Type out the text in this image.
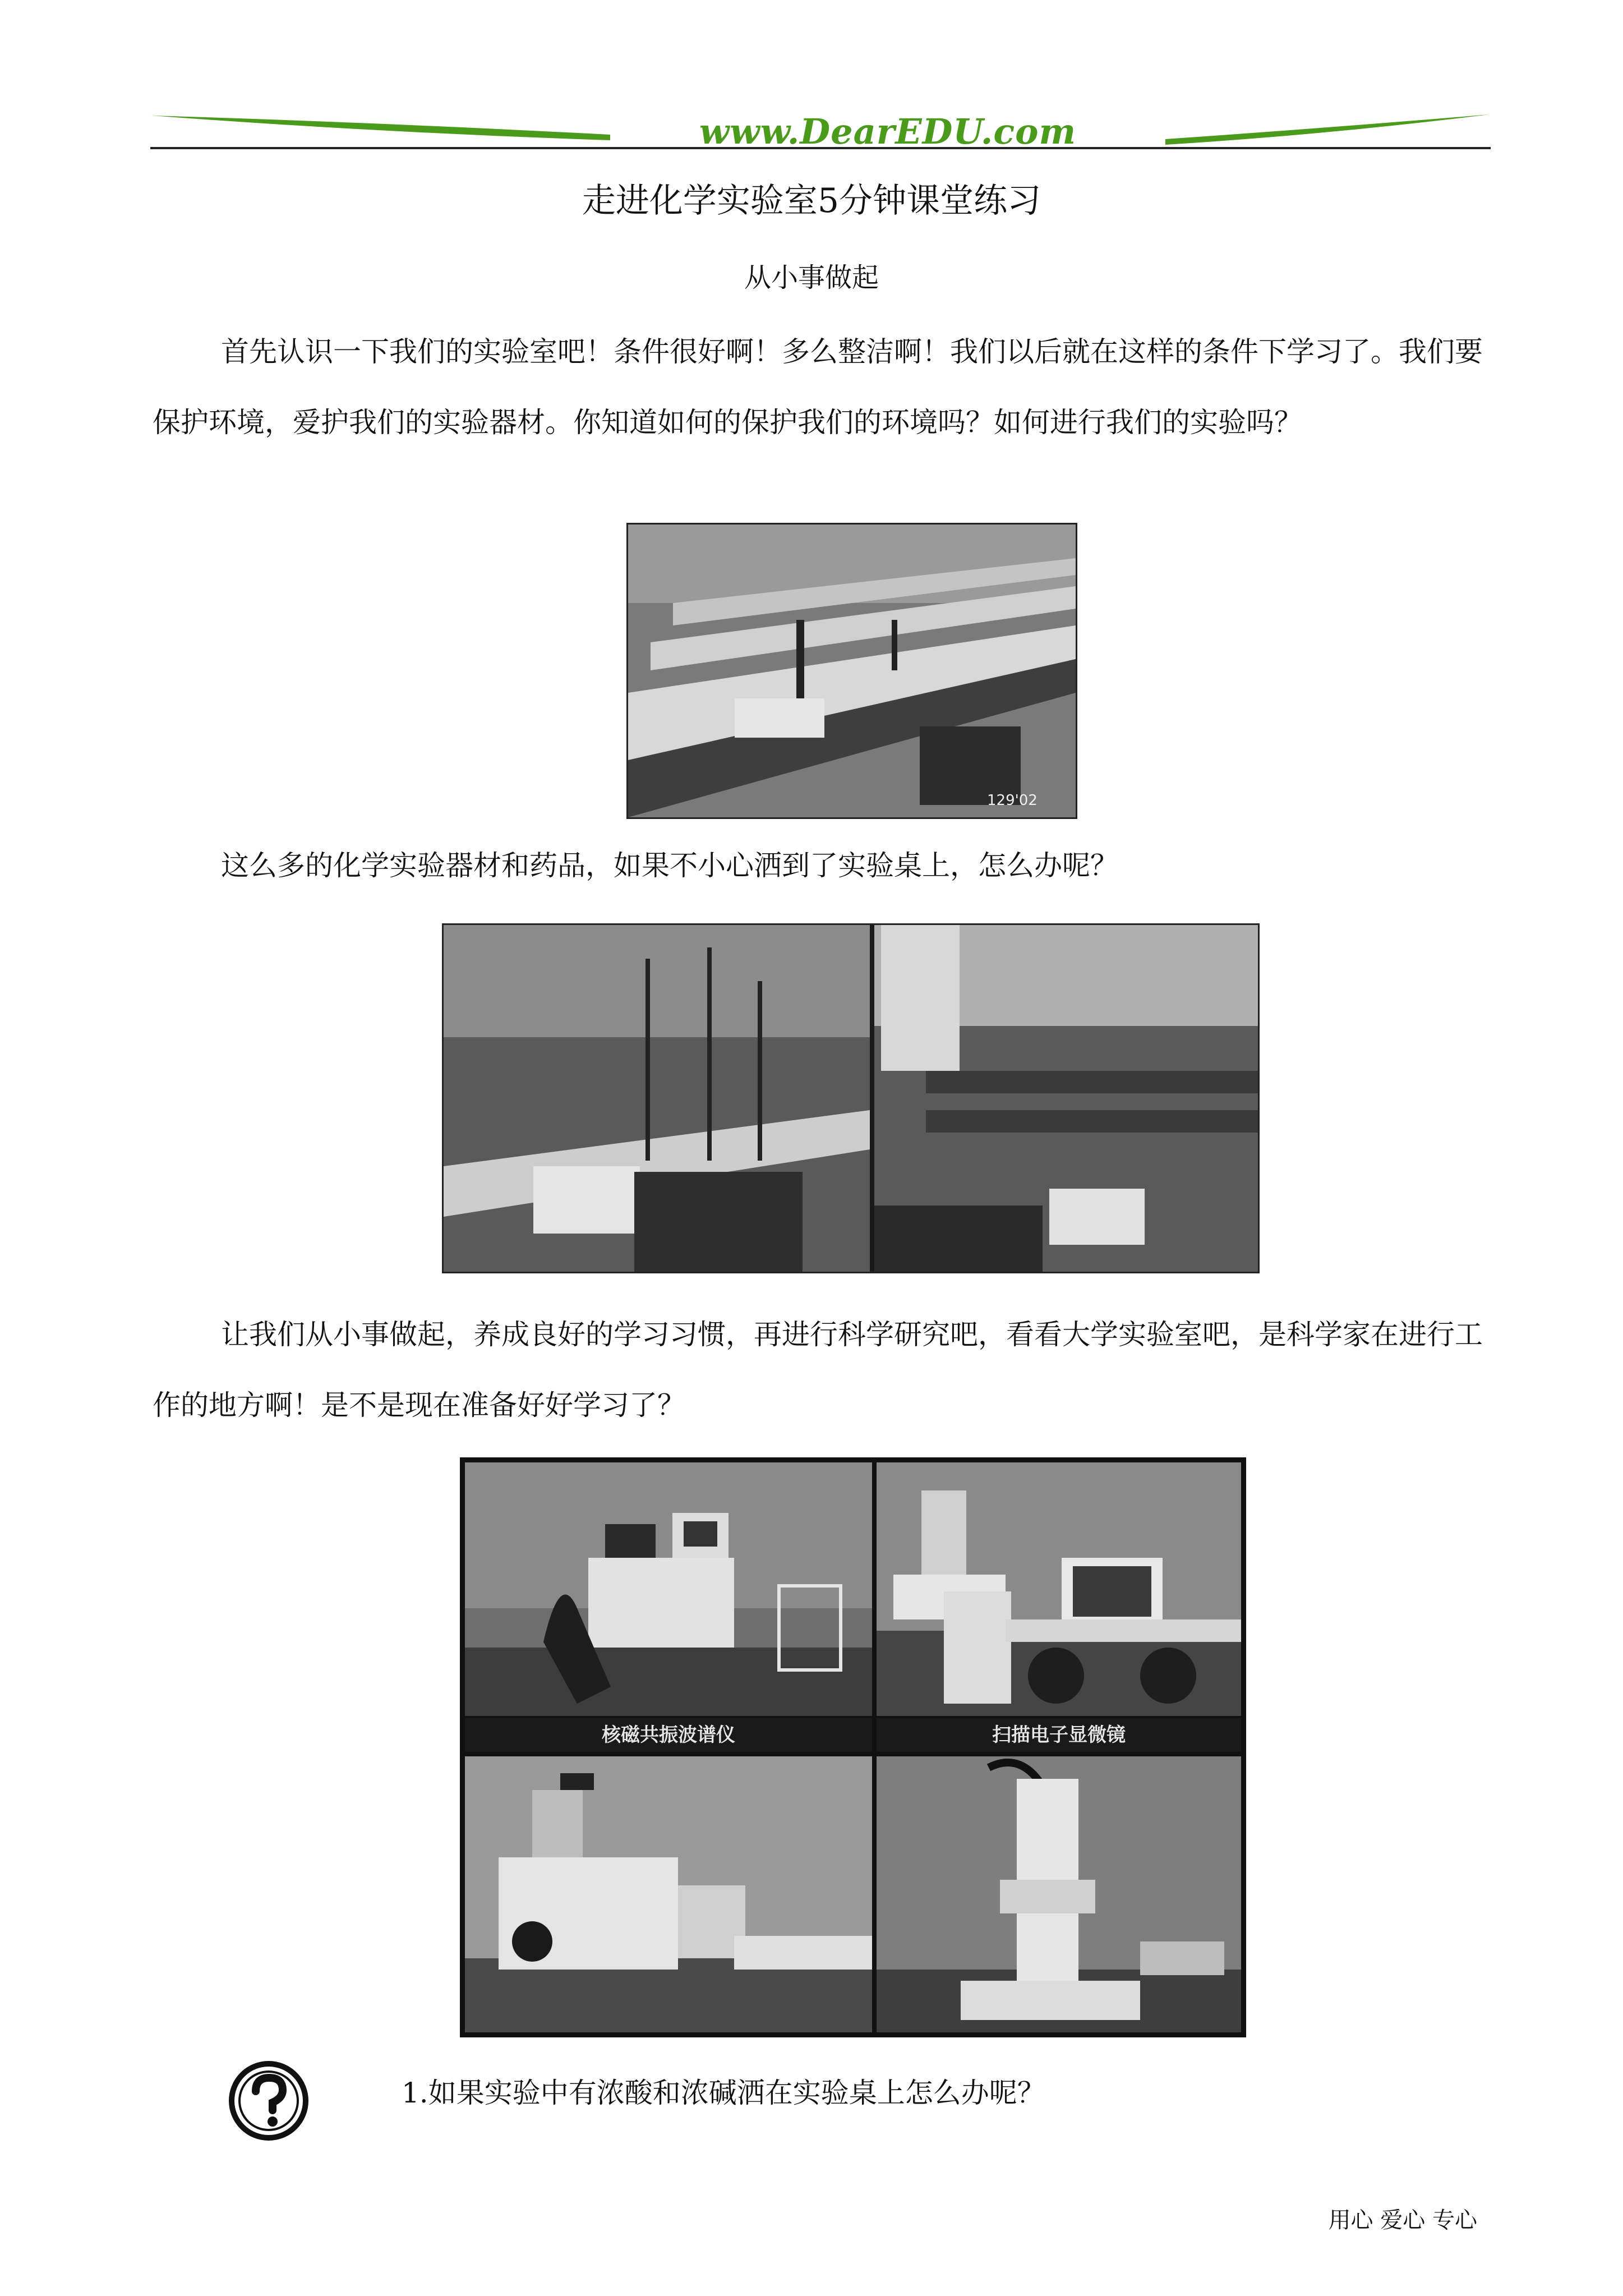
www.DearEDU.com
走进化学实验室5分钟课堂练习
从小事做起

首先认识一下我们的实验室吧！条件很好啊！多么整洁啊！我们以后就在这样的条件下学习了。我们要保护环境，爱护我们的实验器材。你知道如何的保护我们的环境吗？如何进行我们的实验吗？

129'02

这么多的化学实验器材和药品，如果不小心洒到了实验桌上，怎么办呢？

让我们从小事做起，养成良好的学习习惯，再进行科学研究吧，看看大学实验室吧，是科学家在进行工作的地方啊！是不是现在准备好好学习了？

核磁共振波谱仪	扫描电子显微镜
1.如果实验中有浓酸和浓碱洒在实验桌上怎么办呢？
用心 爱心 专心
